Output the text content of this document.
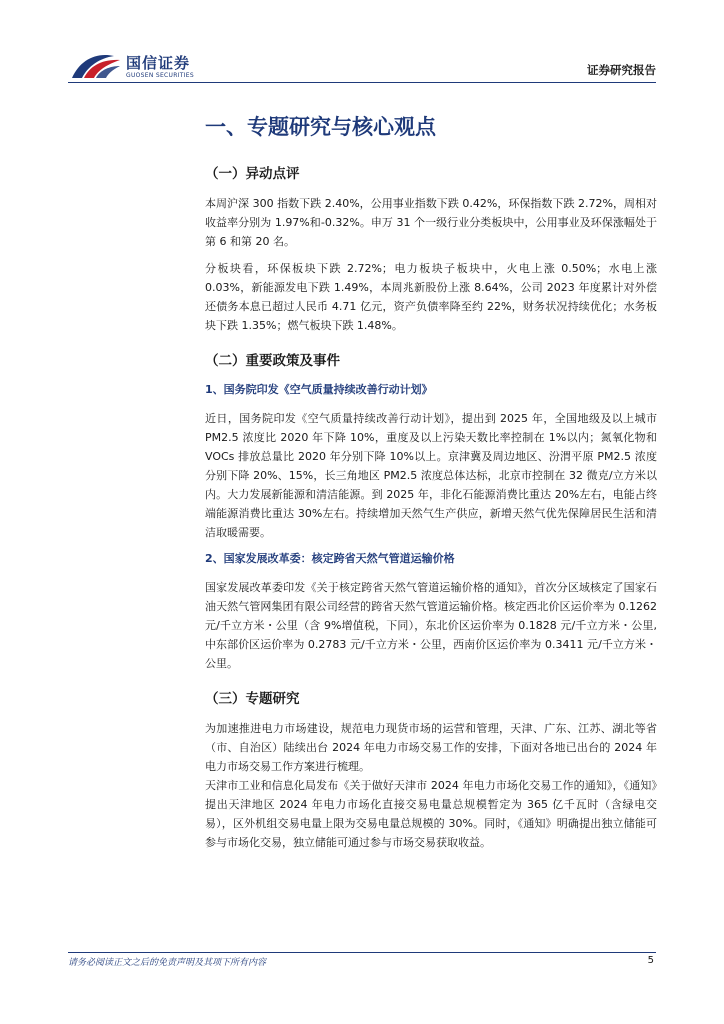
国信证券
GUOSEN SECURITIES	证券研究报告
一、专题研究与核心观点
（一）异动点评

本周沪深 300 指数下跌 2.40%，公用事业指数下跌 0.42%，环保指数下跌 2.72%，周相对收益率分别为 1.97%和-0.32%。申万 31 个一级行业分类板块中，公用事业及环保涨幅处于第 6 和第 20 名。

分板块看，环保板块下跌 2.72%；电力板块子板块中，火电上涨 0.50%；水电上涨 0.03%，新能源发电下跌 1.49%，本周兆新股份上涨 8.64%，公司 2023 年度累计对外偿还债务本息已超过人民币 4.71 亿元，资产负债率降至约 22%，财务状况持续优化；水务板块下跌 1.35%；燃气板块下跌 1.48%。

（二）重要政策及事件
1、国务院印发《空气质量持续改善行动计划》

近日，国务院印发《空气质量持续改善行动计划》，提出到 2025 年，全国地级及以上城市 PM2.5 浓度比 2020 年下降 10%，重度及以上污染天数比率控制在 1%以内；氮氧化物和 VOCs 排放总量比 2020 年分别下降 10%以上。京津冀及周边地区、汾渭平原 PM2.5 浓度分别下降 20%、15%，长三角地区 PM2.5 浓度总体达标，北京市控制在 32 微克/立方米以内。大力发展新能源和清洁能源。到 2025 年，非化石能源消费比重达 20%左右，电能占终端能源消费比重达 30%左右。持续增加天然气生产供应，新增天然气优先保障居民生活和清洁取暖需要。

2、国家发展改革委：核定跨省天然气管道运输价格

国家发展改革委印发《关于核定跨省天然气管道运输价格的通知》，首次分区域核定了国家石油天然气管网集团有限公司经营的跨省天然气管道运输价格。核定西北价区运价率为 0.1262 元/千立方米・公里（含 9%增值税，下同），东北价区运价率为 0.1828 元/千立方米・公里,中东部价区运价率为 0.2783 元/千立方米・公里，西南价区运价率为 0.3411 元/千立方米・公里。

（三）专题研究

为加速推进电力市场建设，规范电力现货市场的运营和管理，天津、广东、江苏、湖北等省（市、自治区）陆续出台 2024 年电力市场交易工作的安排，下面对各地已出台的 2024 年电力市场交易工作方案进行梳理。

天津市工业和信息化局发布《关于做好天津市 2024 年电力市场化交易工作的通知》，《通知》提出天津地区 2024 年电力市场化直接交易电量总规模暂定为 365 亿千瓦时（含绿电交易），区外机组交易电量上限为交易电量总规模的 30%。同时，《通知》明确提出独立储能可参与市场化交易，独立储能可通过参与市场交易获取收益。

请务必阅读正文之后的免责声明及其项下所有内容	5
